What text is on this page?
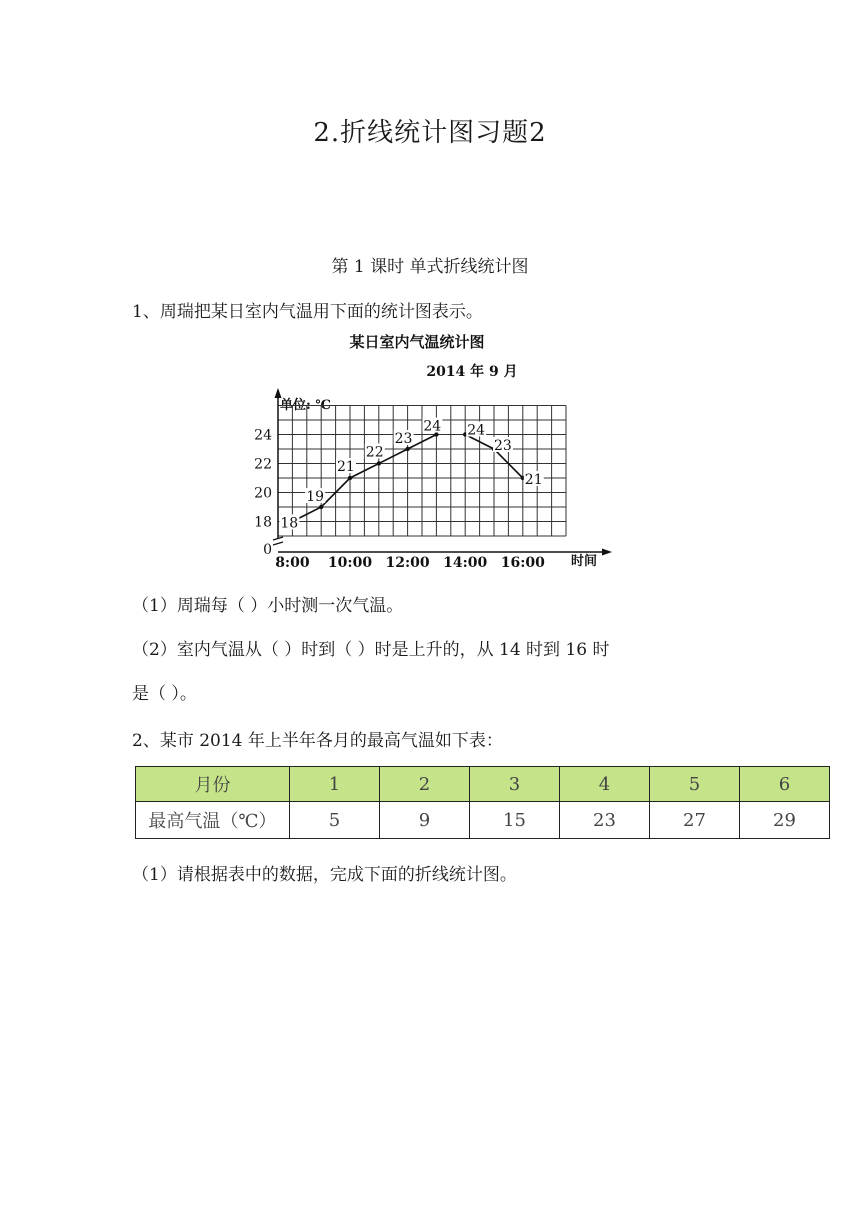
2.折线统计图习题2
第 1 课时 单式折线统计图
1、周瑞把某日室内气温用下面的统计图表示。
某日室内气温统计图
2014 年 9 月
单位: ℃
时间
0
18
20
22
24
8:00 10:00 12:00 14:00 16:00
18
19
21
22
23
24 24
23
21
（1）周瑞每（ ）小时测一次气温。
（2）室内气温从（ ）时到（ ）时是上升的，从 14 时到 16 时
是（ ）。
2、某市 2014 年上半年各月的最高气温如下表：
月份	1	2	3	4	5	6
最高气温（℃）	5	9	15	23	27	29
（1）请根据表中的数据，完成下面的折线统计图。
